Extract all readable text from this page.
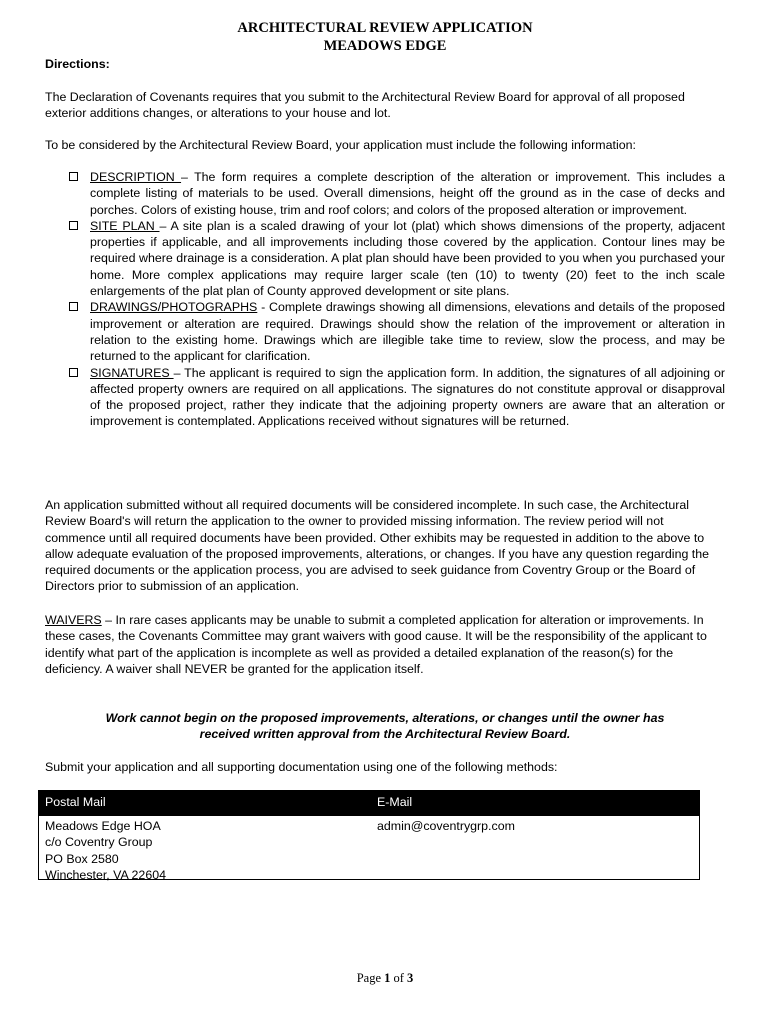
ARCHITECTURAL REVIEW APPLICATION
MEADOWS EDGE
Directions:
The Declaration of Covenants requires that you submit to the Architectural Review Board for approval of all proposed exterior additions changes, or alterations to your house and lot.
To be considered by the Architectural Review Board, your application must include the following information:
DESCRIPTION – The form requires a complete description of the alteration or improvement. This includes a complete listing of materials to be used. Overall dimensions, height off the ground as in the case of decks and porches. Colors of existing house, trim and roof colors; and colors of the proposed alteration or improvement.
SITE PLAN – A site plan is a scaled drawing of your lot (plat) which shows dimensions of the property, adjacent properties if applicable, and all improvements including those covered by the application. Contour lines may be required where drainage is a consideration. A plat plan should have been provided to you when you purchased your home. More complex applications may require larger scale (ten (10) to twenty (20) feet to the inch scale enlargements of the plat plan of County approved development or site plans.
DRAWINGS/PHOTOGRAPHS - Complete drawings showing all dimensions, elevations and details of the proposed improvement or alteration are required. Drawings should show the relation of the improvement or alteration in relation to the existing home. Drawings which are illegible take time to review, slow the process, and may be returned to the applicant for clarification.
SIGNATURES – The applicant is required to sign the application form. In addition, the signatures of all adjoining or affected property owners are required on all applications. The signatures do not constitute approval or disapproval of the proposed project, rather they indicate that the adjoining property owners are aware that an alteration or improvement is contemplated. Applications received without signatures will be returned.
An application submitted without all required documents will be considered incomplete. In such case, the Architectural Review Board's will return the application to the owner to provided missing information. The review period will not commence until all required documents have been provided. Other exhibits may be requested in addition to the above to allow adequate evaluation of the proposed improvements, alterations, or changes. If you have any question regarding the required documents or the application process, you are advised to seek guidance from Coventry Group or the Board of Directors prior to submission of an application.
WAIVERS – In rare cases applicants may be unable to submit a completed application for alteration or improvements. In these cases, the Covenants Committee may grant waivers with good cause. It will be the responsibility of the applicant to identify what part of the application is incomplete as well as provided a detailed explanation of the reason(s) for the deficiency. A waiver shall NEVER be granted for the application itself.
Work cannot begin on the proposed improvements, alterations, or changes until the owner has
received written approval from the Architectural Review Board.
Submit your application and all supporting documentation using one of the following methods:
Postal Mail	E-Mail
Meadows Edge HOA
c/o Coventry Group
PO Box 2580
Winchester, VA 22604
admin@coventrygrp.com
Page 1 of 3
